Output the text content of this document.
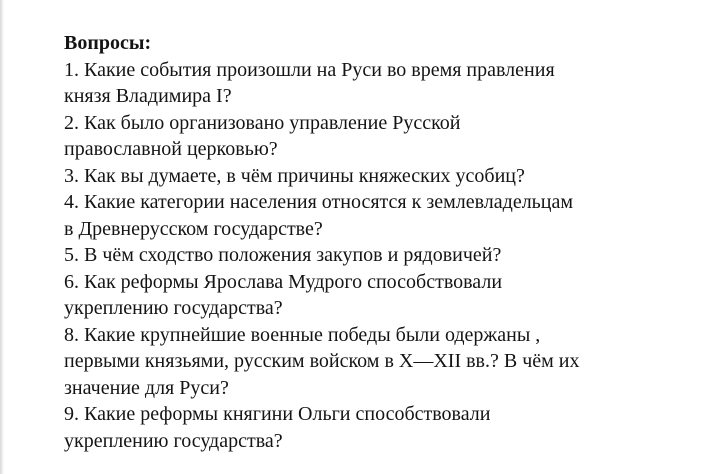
Вопросы:
1. Какие события произошли на Руси во время правления
князя Владимира I?
2. Как было организовано управление Русской
православной церковью?
3. Как вы думаете, в чём причины княжеских усобиц?
4. Какие категории населения относятся к землевладельцам
в Древнерусском государстве?
5. В чём сходство положения закупов и рядовичей?
6. Как реформы Ярослава Мудрого способствовали
укреплению государства?
8. Какие крупнейшие военные победы были одержаны ,
первыми князьями, русским войском в X—XII вв.? В чём их
значение для Руси?
9. Какие реформы княгини Ольги способствовали
укреплению государства?
